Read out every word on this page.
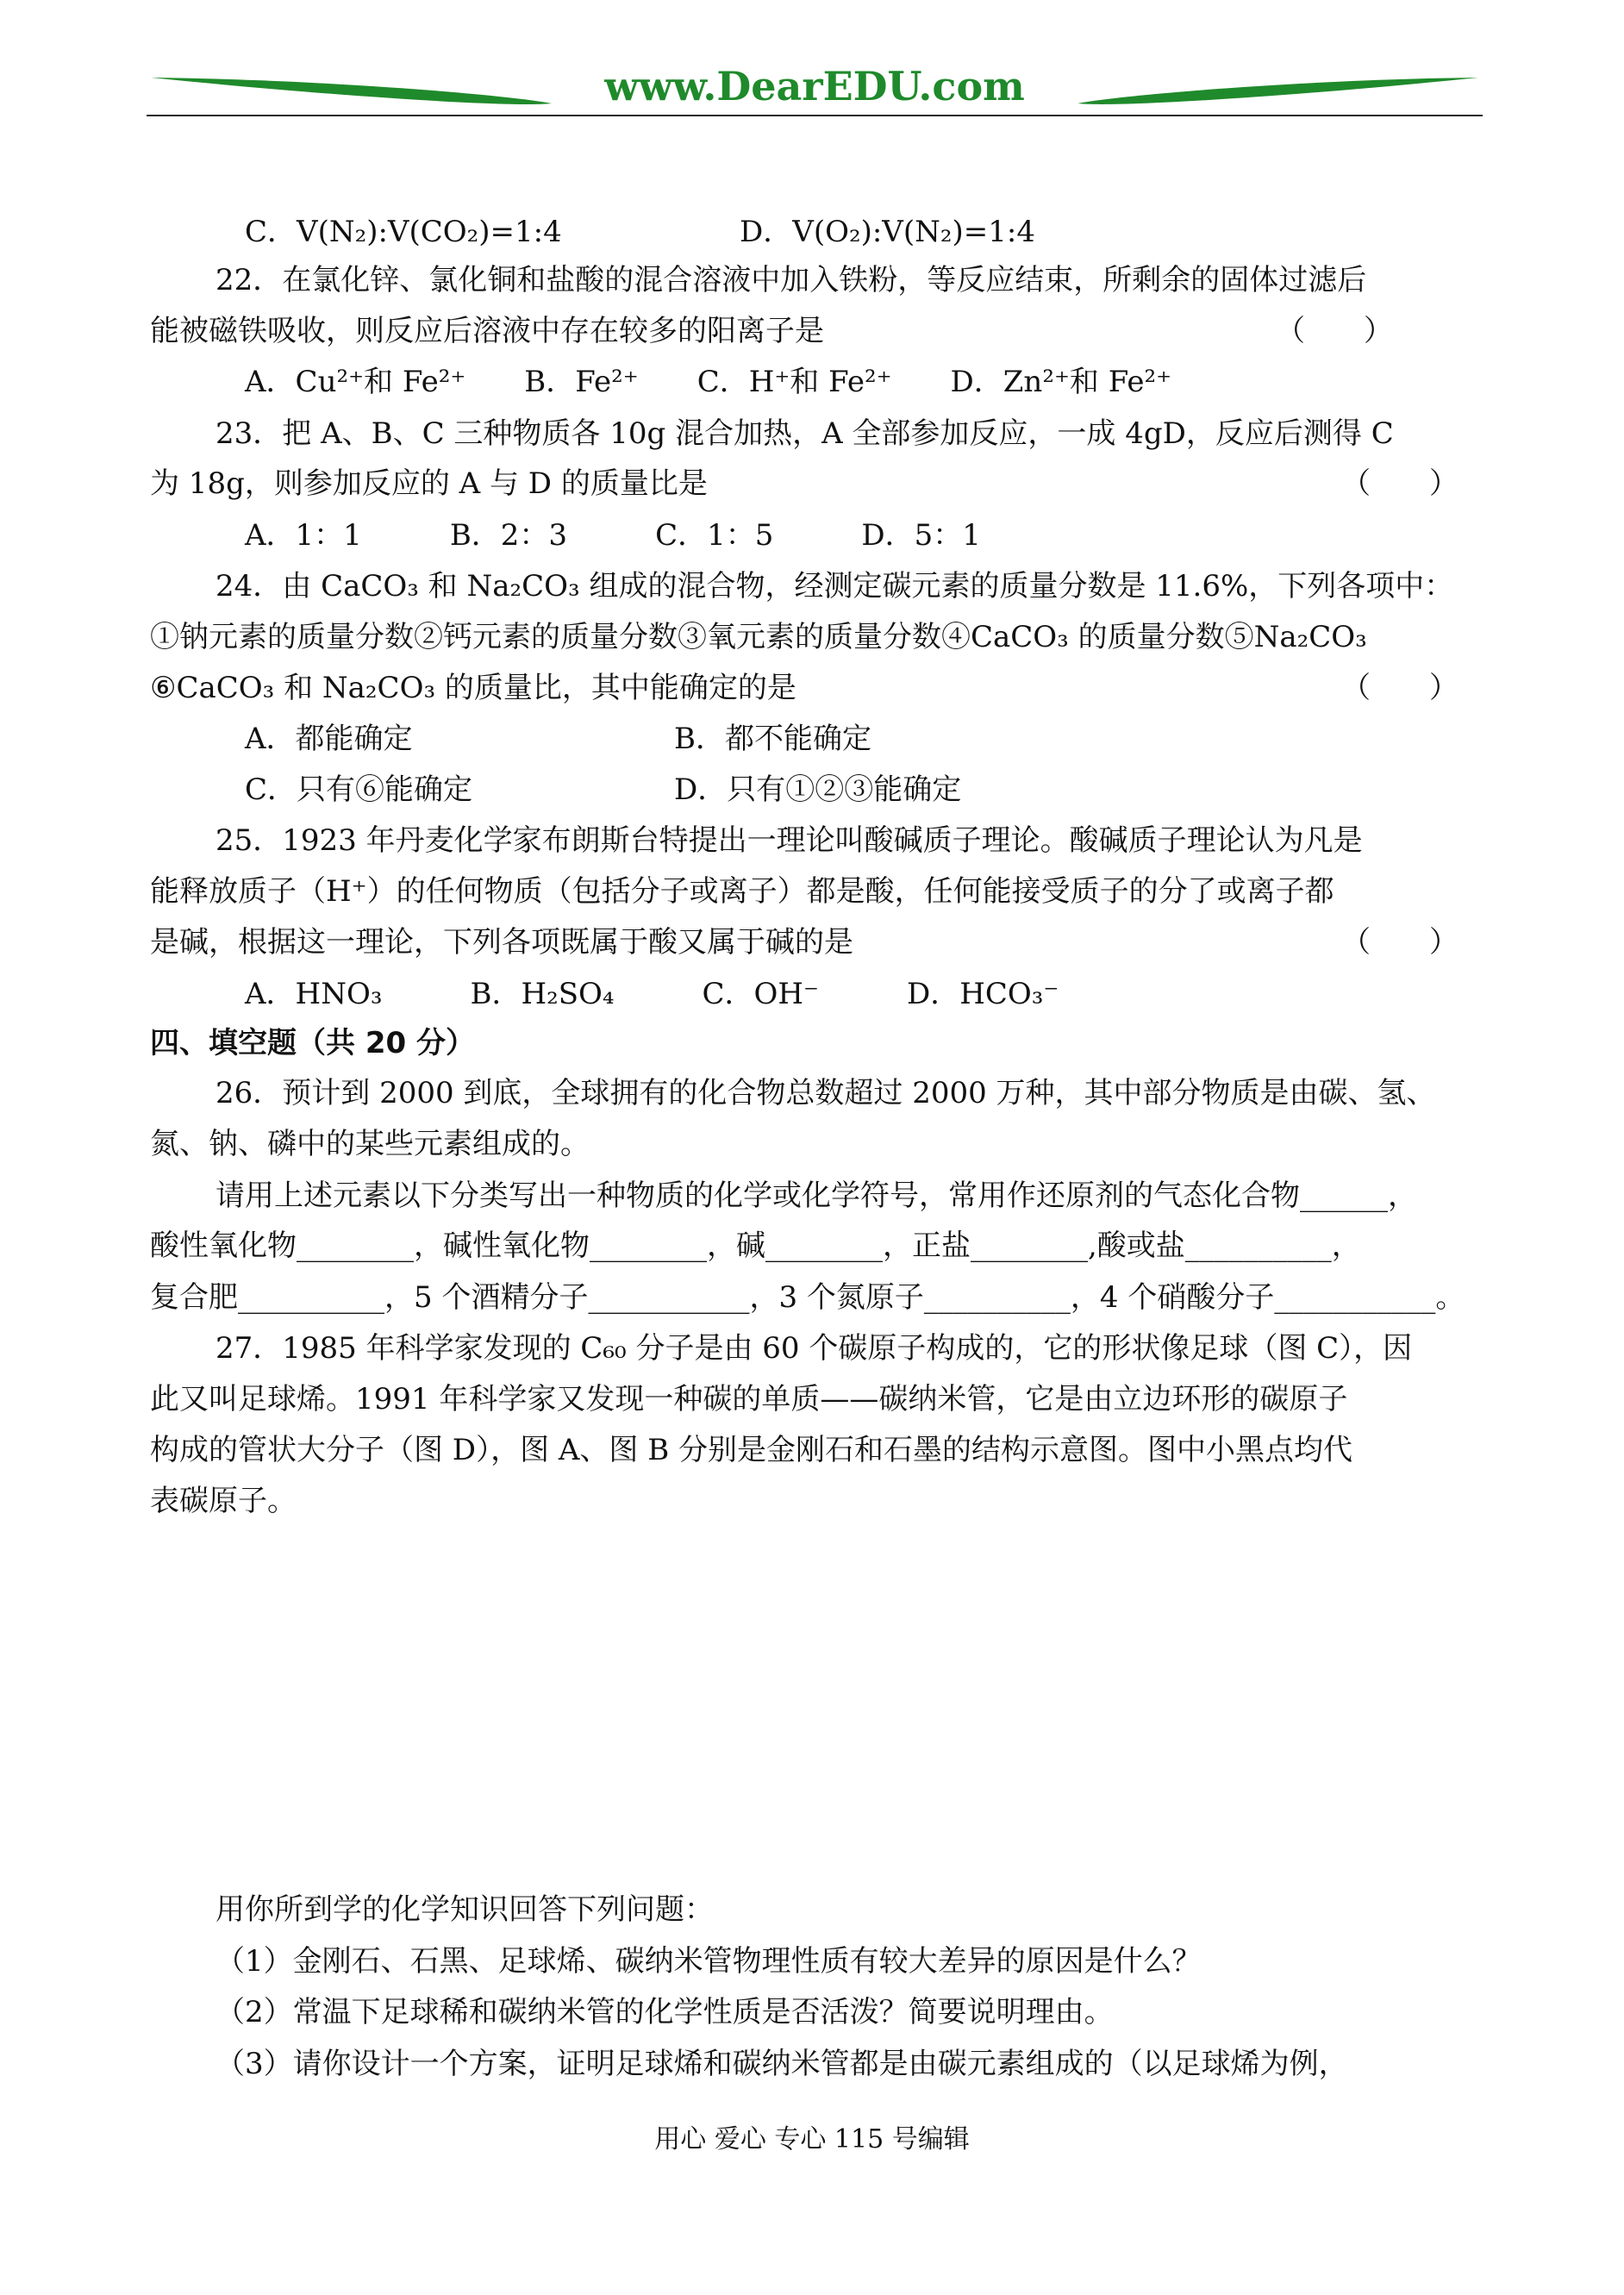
www.DearEDU.com
C．V(N₂):V(CO₂)=1:4	D．V(O₂):V(N₂)=1:4
22．在氯化锌、氯化铜和盐酸的混合溶液中加入铁粉，等反应结束，所剩余的固体过滤后
能被磁铁吸收，则反应后溶液中存在较多的阳离子是	（　　）
A．Cu²⁺和 Fe²⁺　　B．Fe²⁺　　C．H⁺和 Fe²⁺　　D．Zn²⁺和 Fe²⁺
23．把 A、B、C 三种物质各 10g 混合加热，A 全部参加反应，一成 4gD，反应后测得 C
为 18g，则参加反应的 A 与 D 的质量比是	（　　）
A．1：1　　　B．2：3　　　C．1：5　　　D．5：1
24．由 CaCO₃ 和 Na₂CO₃ 组成的混合物，经测定碳元素的质量分数是 11.6%，下列各项中：
①钠元素的质量分数②钙元素的质量分数③氧元素的质量分数④CaCO₃ 的质量分数⑤Na₂CO₃
⑥CaCO₃ 和 Na₂CO₃ 的质量比，其中能确定的是	（　　）
A．都能确定	B．都不能确定
C．只有⑥能确定	D．只有①②③能确定
25．1923 年丹麦化学家布朗斯台特提出一理论叫酸碱质子理论。酸碱质子理论认为凡是
能释放质子（H⁺）的任何物质（包括分子或离子）都是酸，任何能接受质子的分了或离子都
是碱，根据这一理论，下列各项既属于酸又属于碱的是	（　　）
A．HNO₃　　　B．H₂SO₄　　　C．OH⁻　　　D．HCO₃⁻
四、填空题（共 20 分）
26．预计到 2000 到底，全球拥有的化合物总数超过 2000 万种，其中部分物质是由碳、氢、
氮、钠、磷中的某些元素组成的。
请用上述元素以下分类写出一种物质的化学或化学符号，常用作还原剂的气态化合物______，
酸性氧化物________，碱性氧化物________，碱________，正盐________,酸或盐__________，
复合肥__________，5 个酒精分子___________，3 个氮原子__________，4 个硝酸分子___________。
27．1985 年科学家发现的 C₆₀ 分子是由 60 个碳原子构成的，它的形状像足球（图 C），因
此又叫足球烯。1991 年科学家又发现一种碳的单质——碳纳米管，它是由立边环形的碳原子
构成的管状大分子（图 D），图 A、图 B 分别是金刚石和石墨的结构示意图。图中小黑点均代
表碳原子。
用你所到学的化学知识回答下列问题：
（1）金刚石、石黑、足球烯、碳纳米管物理性质有较大差异的原因是什么？
（2）常温下足球稀和碳纳米管的化学性质是否活泼？简要说明理由。
（3）请你设计一个方案，证明足球烯和碳纳米管都是由碳元素组成的（以足球烯为例，
用心 爱心 专心 115 号编辑
